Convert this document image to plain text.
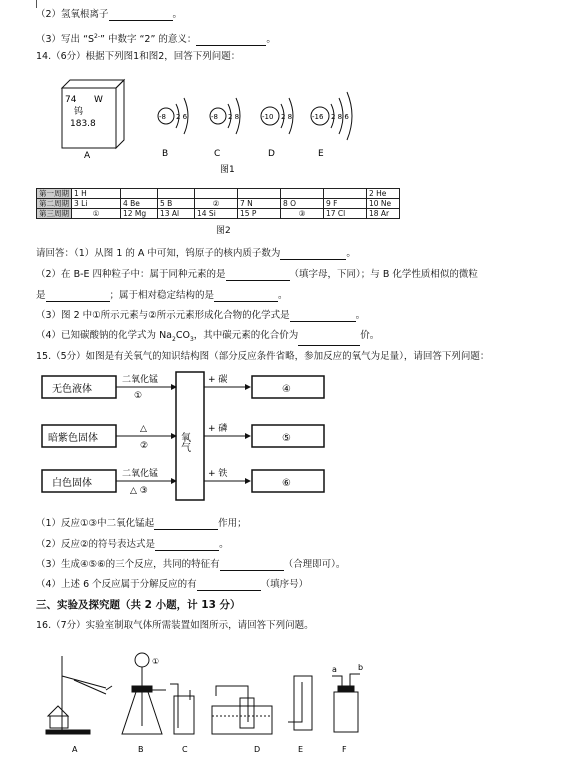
（2）氢氧根离子	。
（3）写出 “$S^{2-}$” 中数字 “2” 的意义：	。
14.（6分）根据下列图1和图2，回答下列问题：
74 W
钨
183.8
A
-8 2 6
B
-8 2 8
C
-10 2 8
D
-16 2 8 6
E
图1
第一周期	1 H							2 He
第二周期	3 Li	4 Be	5 B	②	7 N	8 O	9 F	10 Ne
第三周期	①	12 Mg	13 Al	14 Si	15 P	③	17 Cl	18 Ar
图2
请回答：（1）从图 1 的 A 中可知，钨原子的核内质子数为	。
（2）在 B-E 四种粒子中：属于同种元素的是	（填字母，下同）；与 B 化学性质相似的微粒
是	；属于相对稳定结构的是	。
（3）图 2 中①所示元素与②所示元素形成化合物的化学式是	。
（4）已知碳酸钠的化学式为 $Na_2CO_3$，其中碳元素的化合价为	价。
15.（5分）如图是有关氧气的知识结构图（部分反应条件省略，参加反应的氧气为足量），请回答下列问题：
无色液体
暗紫色固体
白色固体
二氧化锰
①
△
②
二氧化锰
△ ③
氧气
+ 碳
+ 磷
+ 铁
④
⑤
⑥
（1）反应①③中二氧化锰起	作用；
（2）反应②的符号表达式是	。
（3）生成④⑤⑥的三个反应，共同的特征有	（合理即可）。
（4）上述 6 个反应属于分解反应的有	（填序号）
三、实验及探究题（共 2 小题，计 13 分）
16.（7分）实验室制取气体所需装置如图所示，请回答下列问题。
A
①
B	C	D	E
a	b
F
